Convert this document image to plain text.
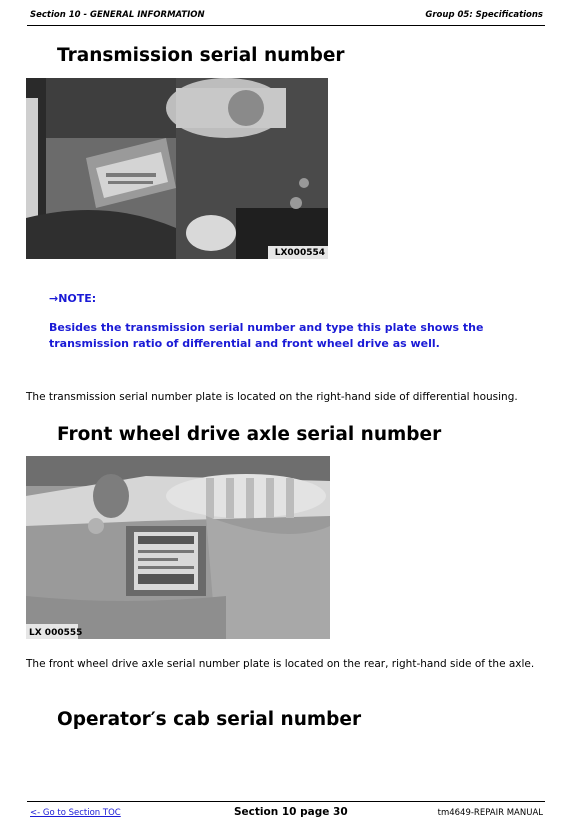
Section 10 - GENERAL INFORMATION	Group 05: Specifications
Transmission serial number
LX000554
→NOTE:
Besides the transmission serial number and type this plate shows the transmission ratio of differential and front wheel drive as well.
The transmission serial number plate is located on the right-hand side of differential housing.
Front wheel drive axle serial number
LX 000555
The front wheel drive axle serial number plate is located on the rear, right-hand side of the axle.
Operator′s cab serial number
<- Go to Section TOC	Section 10 page 30	tm4649-REPAIR MANUAL
